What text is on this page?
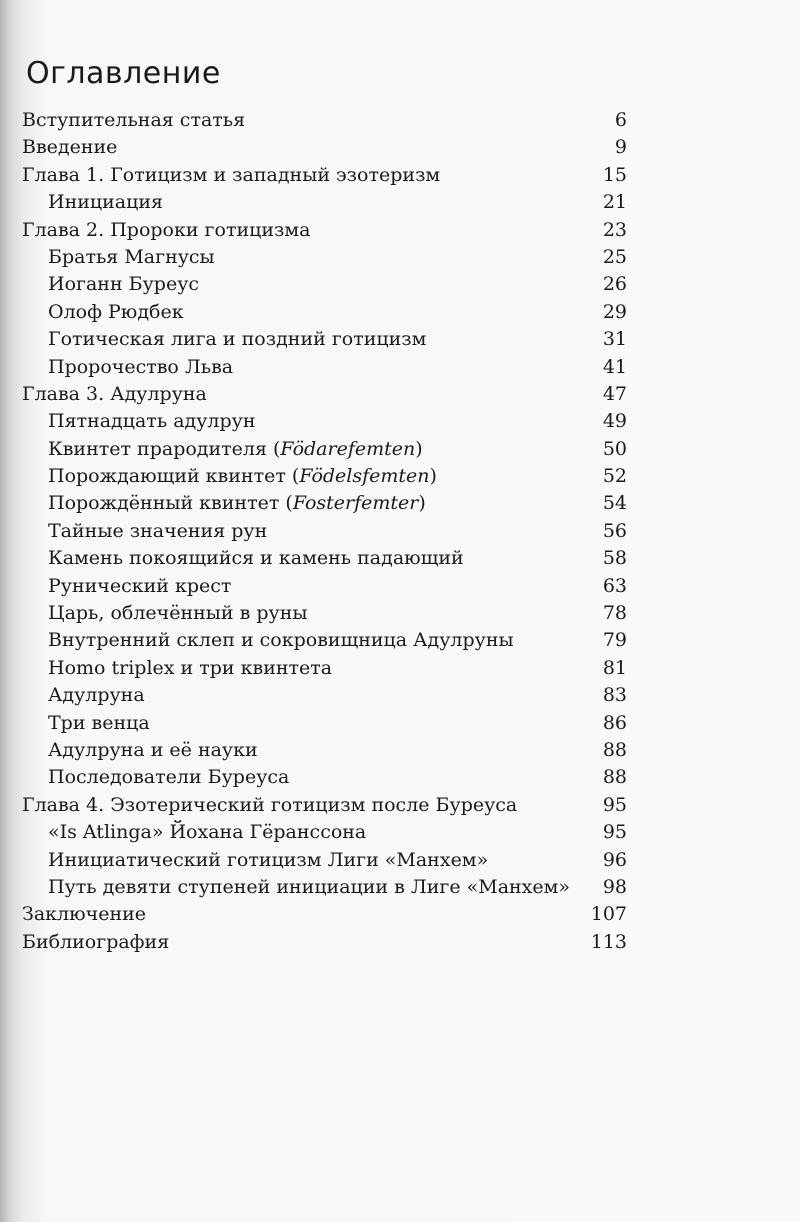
Оглавление
Вступительная статья	6
Введение	9
Глава 1. Готицизм и западный эзотеризм	15
Инициация	21
Глава 2. Пророки готицизма	23
Братья Магнусы	25
Иоганн Буреус	26
Олоф Рюдбек	29
Готическая лига и поздний готицизм	31
Пророчество Льва	41
Глава 3. Адулруна	47
Пятнадцать адулрун	49
Квинтет прародителя (Födarefemten)	50
Порождающий квинтет (Födelsfemten)	52
Порождённый квинтет (Fosterfemter)	54
Тайные значения рун	56
Камень покоящийся и камень падающий	58
Рунический крест	63
Царь, облечённый в руны	78
Внутренний склеп и сокровищница Адулруны	79
Homo triplex и три квинтета	81
Адулруна	83
Три венца	86
Адулруна и её науки	88
Последователи Буреуса	88
Глава 4. Эзотерический готицизм после Буреуса	95
«Is Atlinga» Йохана Гёранссона	95
Инициатический готицизм Лиги «Манхем»	96
Путь девяти ступеней инициации в Лиге «Манхем» 98
Заключение	107
Библиография	113
